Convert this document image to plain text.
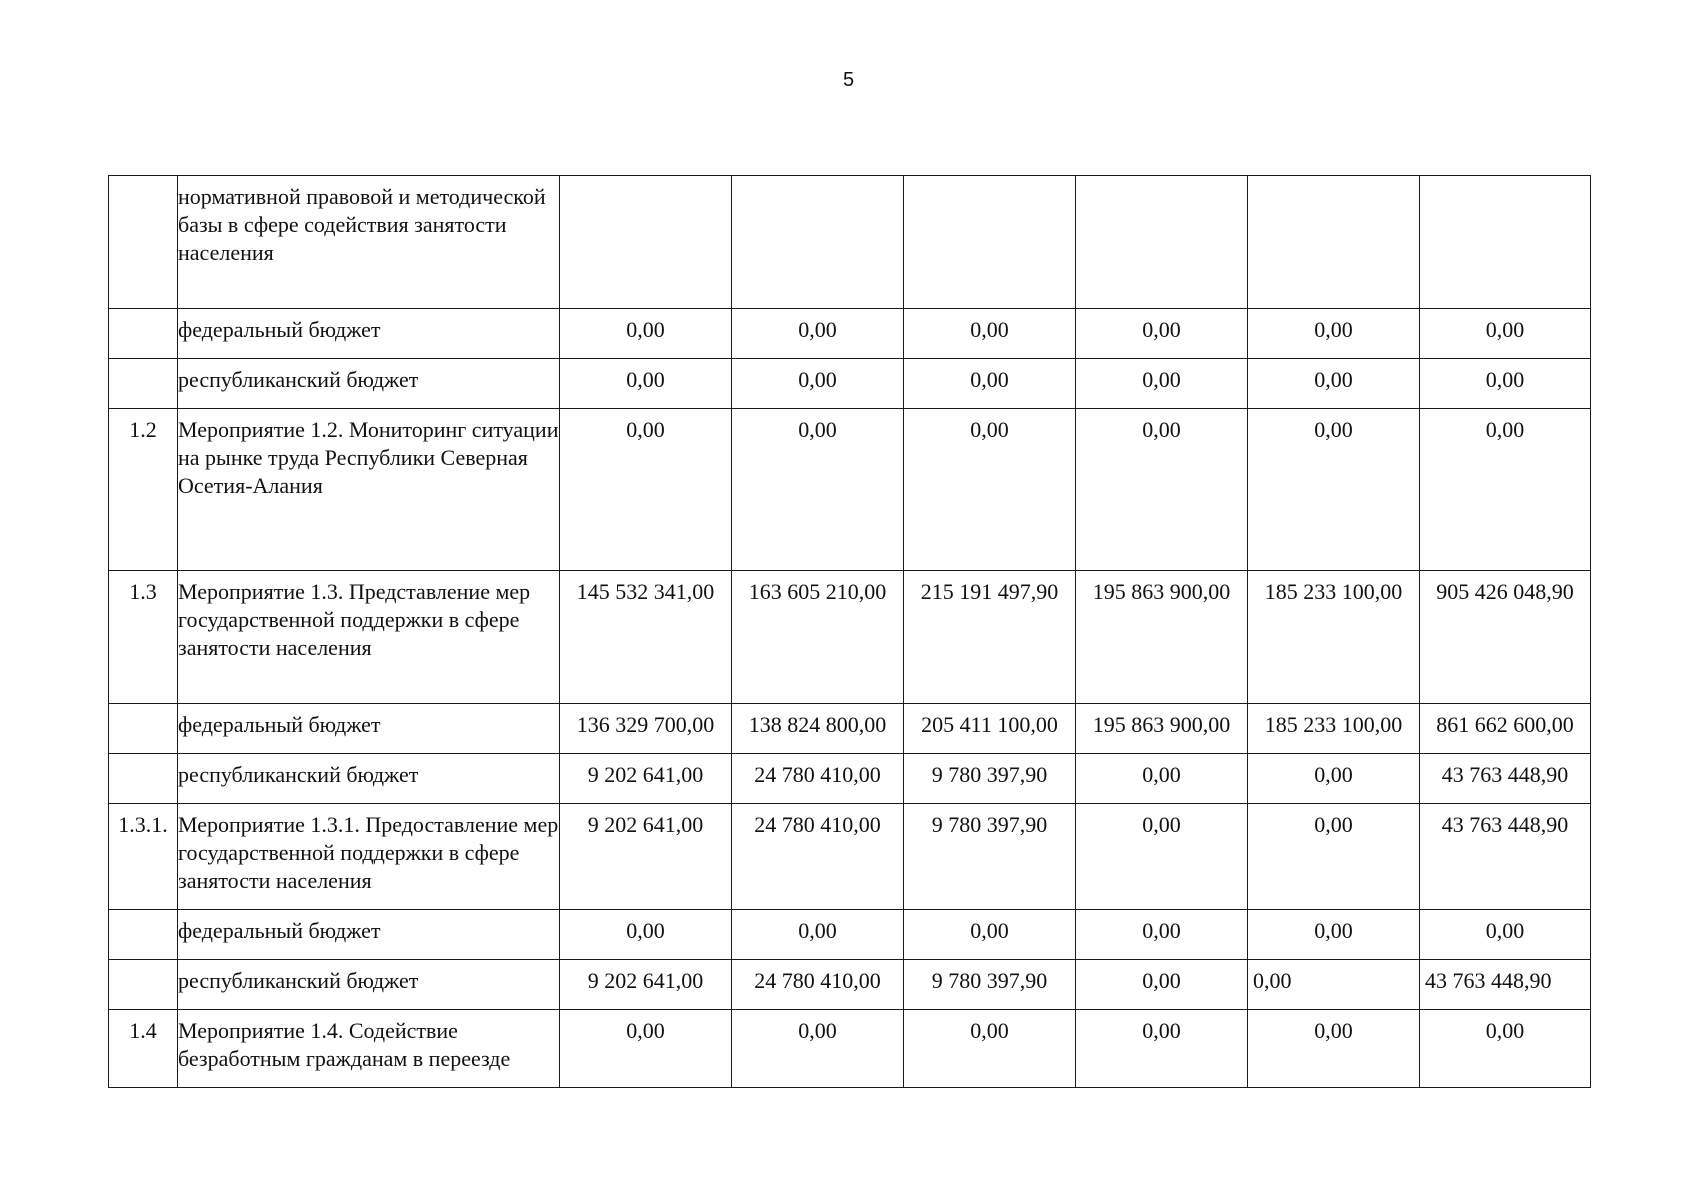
5
	нормативной правовой и методической базы в сфере содействия занятости населения						
	федеральный бюджет	0,00	0,00	0,00	0,00	0,00	0,00
	республиканский бюджет	0,00	0,00	0,00	0,00	0,00	0,00
1.2	Мероприятие 1.2. Мониторинг ситуации на рынке труда Республики Северная Осетия-Алания	0,00	0,00	0,00	0,00	0,00	0,00
1.3	Мероприятие 1.3. Представление мер государственной поддержки в сфере занятости населения	145 532 341,00	163 605 210,00	215 191 497,90	195 863 900,00	185 233 100,00	905 426 048,90
	федеральный бюджет	136 329 700,00	138 824 800,00	205 411 100,00	195 863 900,00	185 233 100,00	861 662 600,00
	республиканский бюджет	9 202 641,00	24 780 410,00	9 780 397,90	0,00	0,00	43 763 448,90
1.3.1.	Мероприятие 1.3.1. Предоставление мер государственной поддержки в сфере занятости населения	9 202 641,00	24 780 410,00	9 780 397,90	0,00	0,00	43 763 448,90
	федеральный бюджет	0,00	0,00	0,00	0,00	0,00	0,00
	республиканский бюджет	9 202 641,00	24 780 410,00	9 780 397,90	0,00	0,00	43 763 448,90
1.4	Мероприятие 1.4. Содействие безработным гражданам в переезде	0,00	0,00	0,00	0,00	0,00	0,00
